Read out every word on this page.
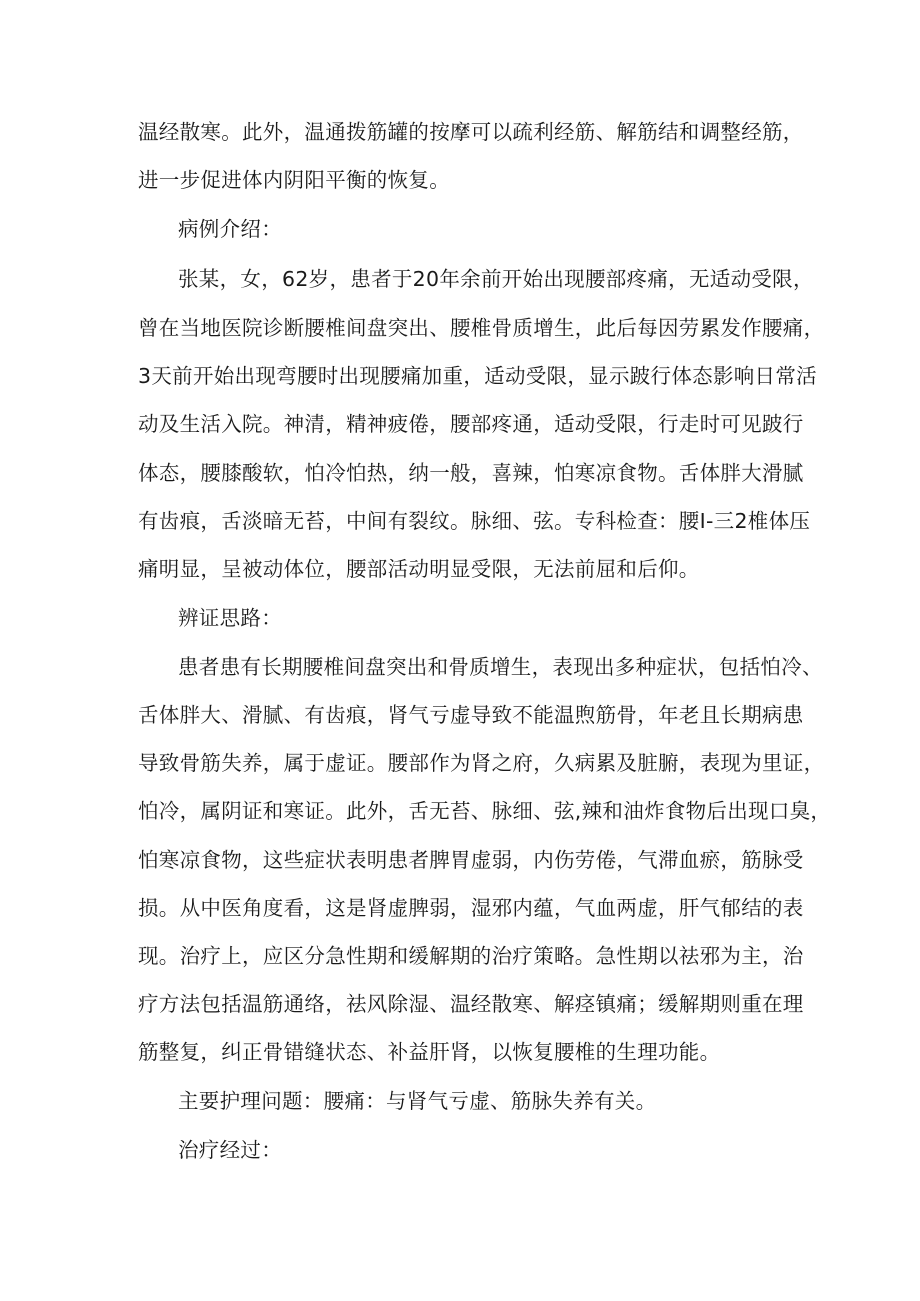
温经散寒。此外，温通拨筋罐的按摩可以疏利经筋、解筋结和调整经筋，
进一步促进体内阴阳平衡的恢复。
病例介绍：
张某，女，62岁，患者于20年余前开始出现腰部疼痛，无适动受限，
曾在当地医院诊断腰椎间盘突出、腰椎骨质增生，此后每因劳累发作腰痛，
3天前开始出现弯腰时出现腰痛加重，适动受限，显示跛行体态影响日常活
动及生活入院。神清，精神疲倦，腰部疼通，适动受限，行走时可见跛行
体态，腰膝酸软，怕冷怕热，纳一般，喜辣，怕寒凉食物。舌体胖大滑腻
有齿痕，舌淡暗无苔，中间有裂纹。脉细、弦。专科检查：腰I-三2椎体压
痛明显，呈被动体位，腰部活动明显受限，无法前屈和后仰。
辨证思路：
患者患有长期腰椎间盘突出和骨质增生，表现出多种症状，包括怕冷、
舌体胖大、滑腻、有齿痕，肾气亏虚导致不能温煦筋骨，年老且长期病患
导致骨筋失养，属于虚证。腰部作为肾之府，久病累及脏腑，表现为里证，
怕冷，属阴证和寒证。此外，舌无苔、脉细、弦,辣和油炸食物后出现口臭，
怕寒凉食物，这些症状表明患者脾胃虚弱，内伤劳倦，气滞血瘀，筋脉受
损。从中医角度看，这是肾虚脾弱，湿邪内蕴，气血两虚，肝气郁结的表
现。治疗上，应区分急性期和缓解期的治疗策略。急性期以祛邪为主，治
疗方法包括温筋通络，祛风除湿、温经散寒、解痉镇痛；缓解期则重在理
筋整复，纠正骨错缝状态、补益肝肾，以恢复腰椎的生理功能。
主要护理问题：腰痛：与肾气亏虚、筋脉失养有关。
治疗经过：
